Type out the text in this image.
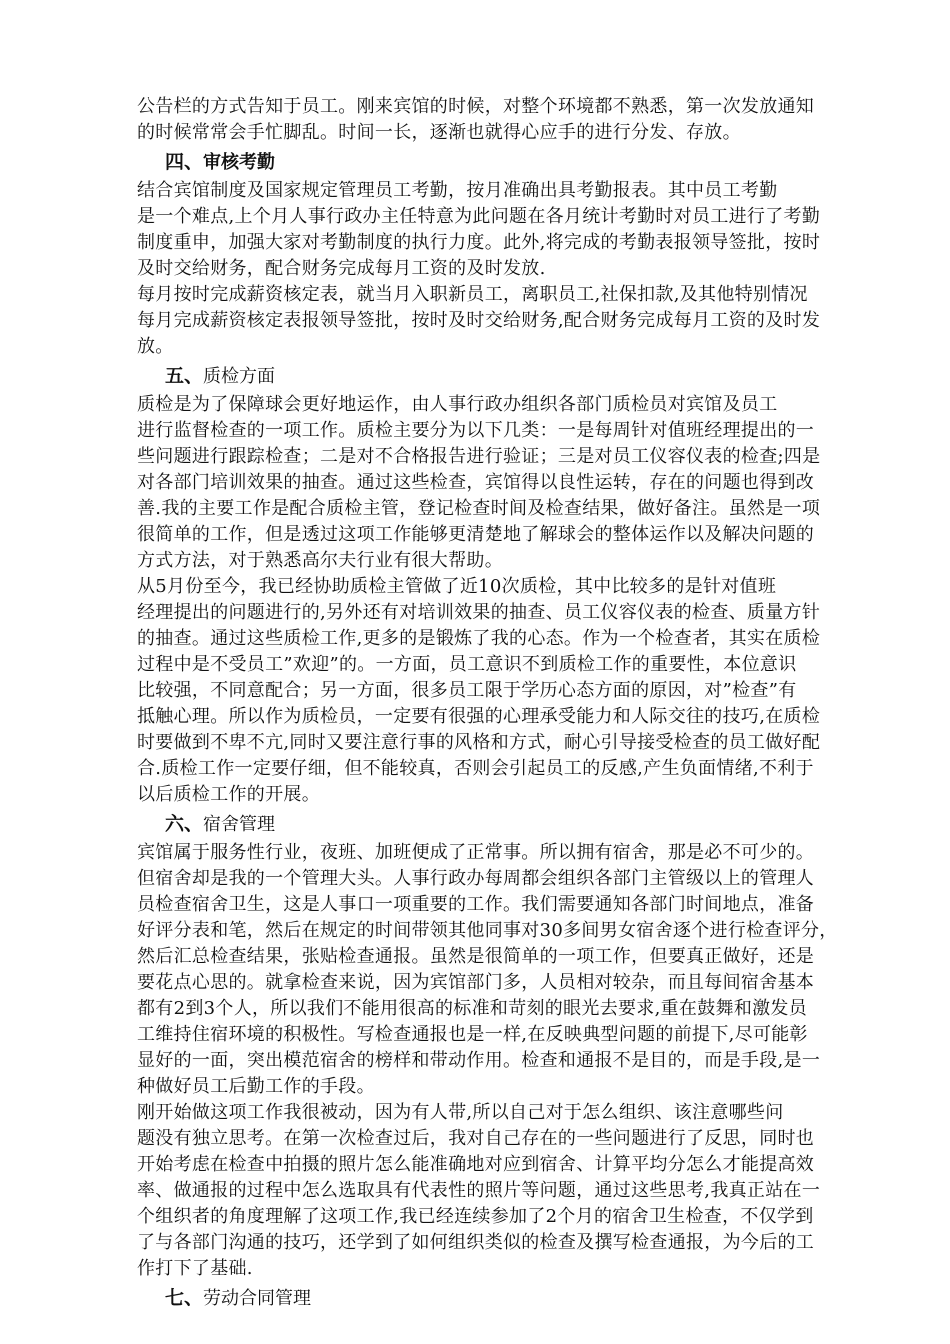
公告栏的方式告知于员工。刚来宾馆的时候，对整个环境都不熟悉，第一次发放通知
的时候常常会手忙脚乱。时间一长，逐渐也就得心应手的进行分发、存放。
四、审核考勤
结合宾馆制度及国家规定管理员工考勤，按月准确出具考勤报表。其中员工考勤
是一个难点,上个月人事行政办主任特意为此问题在各月统计考勤时对员工进行了考勤
制度重申，加强大家对考勤制度的执行力度。此外,将完成的考勤表报领导签批，按时
及时交给财务，配合财务完成每月工资的及时发放.
每月按时完成薪资核定表，就当月入职新员工，离职员工,社保扣款,及其他特别情况
每月完成薪资核定表报领导签批，按时及时交给财务,配合财务完成每月工资的及时发
放。
五、质检方面
质检是为了保障球会更好地运作，由人事行政办组织各部门质检员对宾馆及员工
进行监督检查的一项工作。质检主要分为以下几类：一是每周针对值班经理提出的一
些问题进行跟踪检查；二是对不合格报告进行验证；三是对员工仪容仪表的检查;四是
对各部门培训效果的抽查。通过这些检查，宾馆得以良性运转，存在的问题也得到改
善.我的主要工作是配合质检主管，登记检查时间及检查结果，做好备注。虽然是一项
很简单的工作，但是透过这项工作能够更清楚地了解球会的整体运作以及解决问题的
方式方法，对于熟悉高尔夫行业有很大帮助。
从5月份至今，我已经协助质检主管做了近10次质检，其中比较多的是针对值班
经理提出的问题进行的,另外还有对培训效果的抽查、员工仪容仪表的检查、质量方针
的抽查。通过这些质检工作,更多的是锻炼了我的心态。作为一个检查者，其实在质检
过程中是不受员工”欢迎”的。一方面，员工意识不到质检工作的重要性，本位意识
比较强，不同意配合；另一方面，很多员工限于学历心态方面的原因，对”检查”有
抵触心理。所以作为质检员，一定要有很强的心理承受能力和人际交往的技巧,在质检
时要做到不卑不亢,同时又要注意行事的风格和方式，耐心引导接受检查的员工做好配
合.质检工作一定要仔细，但不能较真，否则会引起员工的反感,产生负面情绪,不利于
以后质检工作的开展。
六、宿舍管理
宾馆属于服务性行业，夜班、加班便成了正常事。所以拥有宿舍，那是必不可少的。
但宿舍却是我的一个管理大头。人事行政办每周都会组织各部门主管级以上的管理人
员检查宿舍卫生，这是人事口一项重要的工作。我们需要通知各部门时间地点，准备
好评分表和笔，然后在规定的时间带领其他同事对30多间男女宿舍逐个进行检查评分，
然后汇总检查结果，张贴检查通报。虽然是很简单的一项工作，但要真正做好，还是
要花点心思的。就拿检查来说，因为宾馆部门多，人员相对较杂，而且每间宿舍基本
都有2到3个人，所以我们不能用很高的标准和苛刻的眼光去要求,重在鼓舞和激发员
工维持住宿环境的积极性。写检查通报也是一样,在反映典型问题的前提下,尽可能彰
显好的一面，突出模范宿舍的榜样和带动作用。检查和通报不是目的，而是手段,是一
种做好员工后勤工作的手段。
刚开始做这项工作我很被动，因为有人带,所以自己对于怎么组织、该注意哪些问
题没有独立思考。在第一次检查过后，我对自己存在的一些问题进行了反思，同时也
开始考虑在检查中拍摄的照片怎么能准确地对应到宿舍、计算平均分怎么才能提高效
率、做通报的过程中怎么选取具有代表性的照片等问题，通过这些思考,我真正站在一
个组织者的角度理解了这项工作,我已经连续参加了2个月的宿舍卫生检查，不仅学到
了与各部门沟通的技巧，还学到了如何组织类似的检查及撰写检查通报，为今后的工
作打下了基础.
七、劳动合同管理
